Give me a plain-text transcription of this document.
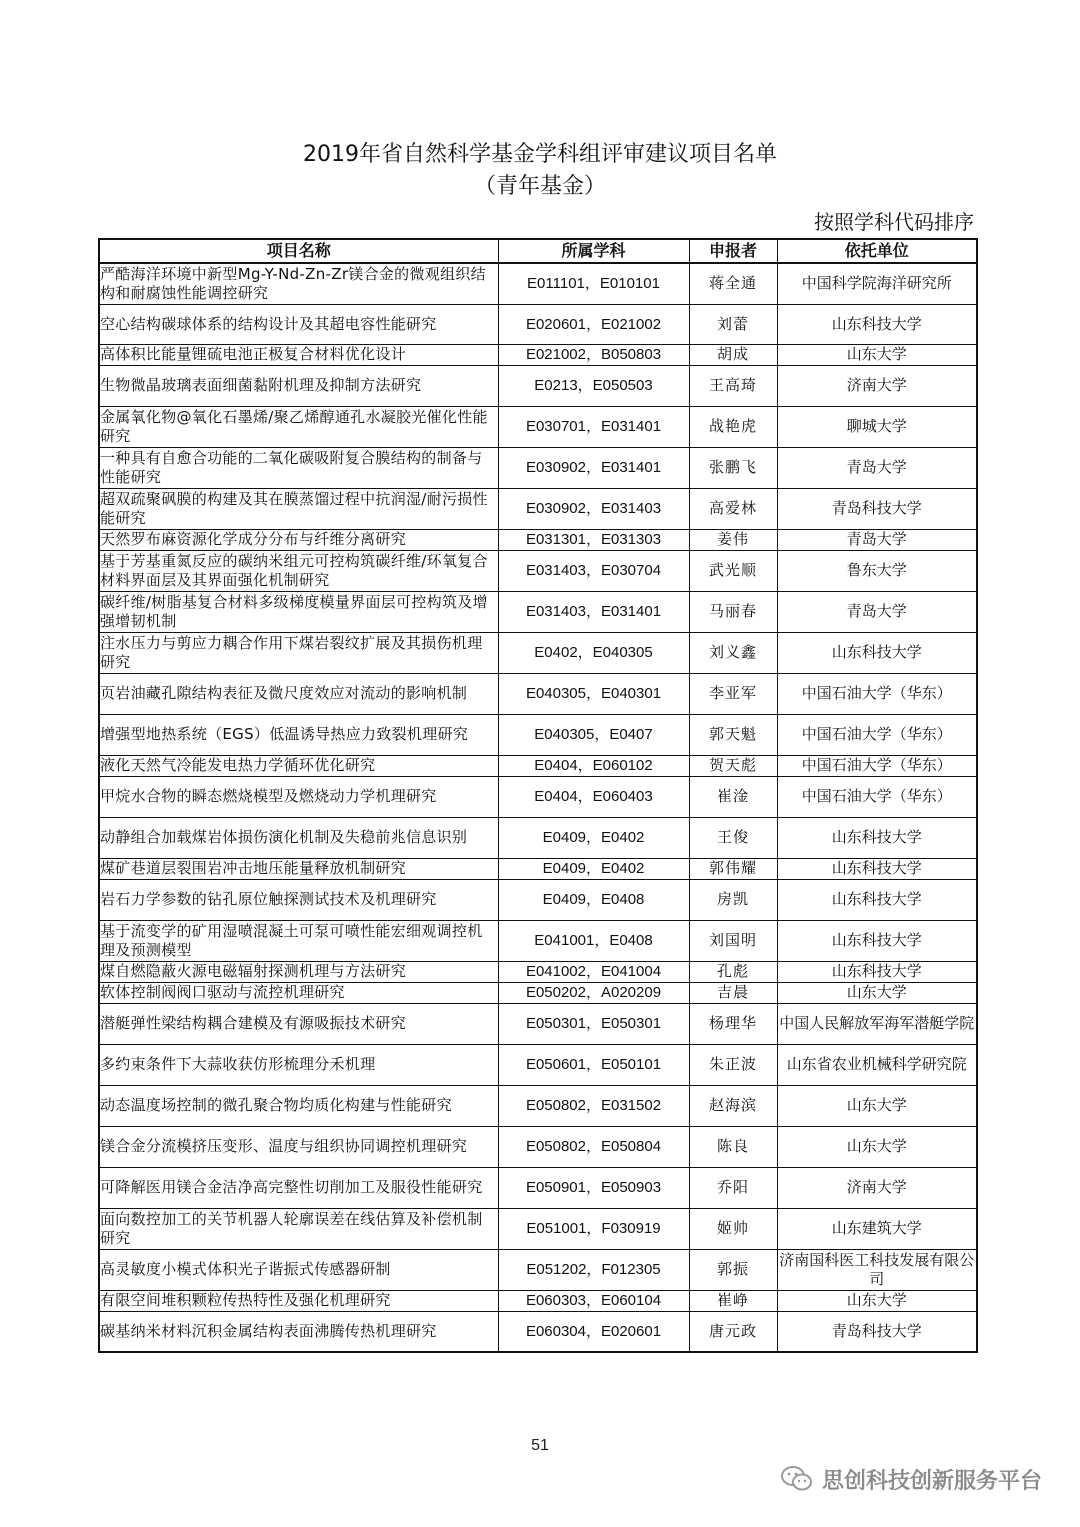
2019年省自然科学基金学科组评审建议项目名单
（青年基金）
按照学科代码排序
项目名称	所属学科	申报者	依托单位

严酷海洋环境中新型Mg-Y-Nd-Zn-Zr镁合金的微观组织结构和耐腐蚀性能调控研究	E011101，E010101	蒋全通	中国科学院海洋研究所

空心结构碳球体系的结构设计及其超电容性能研究	E020601，E021002	刘蕾	山东科技大学

高体积比能量锂硫电池正极复合材料优化设计	E021002，B050803	胡成	山东大学

生物微晶玻璃表面细菌黏附机理及抑制方法研究	E0213，E050503	王高琦	济南大学

金属氧化物@氧化石墨烯/聚乙烯醇通孔水凝胶光催化性能研究	E030701，E031401	战艳虎	聊城大学

一种具有自愈合功能的二氧化碳吸附复合膜结构的制备与性能研究	E030902，E031401	张鹏飞	青岛大学

超双疏聚砜膜的构建及其在膜蒸馏过程中抗润湿/耐污损性能研究	E030902，E031403	高爱林	青岛科技大学

天然罗布麻资源化学成分分布与纤维分离研究	E031301，E031303	姜伟	青岛大学

基于芳基重氮反应的碳纳米组元可控构筑碳纤维/环氧复合材料界面层及其界面强化机制研究	E031403，E030704	武光顺	鲁东大学

碳纤维/树脂基复合材料多级梯度模量界面层可控构筑及增强增韧机制	E031403，E031401	马丽春	青岛大学

注水压力与剪应力耦合作用下煤岩裂纹扩展及其损伤机理研究	E0402，E040305	刘义鑫	山东科技大学

页岩油藏孔隙结构表征及微尺度效应对流动的影响机制	E040305，E040301	李亚军	中国石油大学（华东）

增强型地热系统（EGS）低温诱导热应力致裂机理研究	E040305，E0407	郭天魁	中国石油大学（华东）

液化天然气冷能发电热力学循环优化研究	E0404，E060102	贺天彪	中国石油大学（华东）

甲烷水合物的瞬态燃烧模型及燃烧动力学机理研究	E0404，E060403	崔淦	中国石油大学（华东）

动静组合加载煤岩体损伤演化机制及失稳前兆信息识别	E0409，E0402	王俊	山东科技大学

煤矿巷道层裂围岩冲击地压能量释放机制研究	E0409，E0402	郭伟耀	山东科技大学

岩石力学参数的钻孔原位触探测试技术及机理研究	E0409，E0408	房凯	山东科技大学

基于流变学的矿用湿喷混凝土可泵可喷性能宏细观调控机理及预测模型	E041001，E0408	刘国明	山东科技大学

煤自燃隐蔽火源电磁辐射探测机理与方法研究	E041002，E041004	孔彪	山东科技大学

软体控制阀阀口驱动与流控机理研究	E050202，A020209	吉晨	山东大学

潜艇弹性梁结构耦合建模及有源吸振技术研究	E050301，E050301	杨理华	中国人民解放军海军潜艇学院

多约束条件下大蒜收获仿形梳理分禾机理	E050601，E050101	朱正波	山东省农业机械科学研究院

动态温度场控制的微孔聚合物均质化构建与性能研究	E050802，E031502	赵海滨	山东大学

镁合金分流模挤压变形、温度与组织协同调控机理研究	E050802，E050804	陈良	山东大学

可降解医用镁合金洁净高完整性切削加工及服役性能研究	E050901，E050903	乔阳	济南大学

面向数控加工的关节机器人轮廓误差在线估算及补偿机制研究	E051001，F030919	姬帅	山东建筑大学

高灵敏度小模式体积光子谐振式传感器研制	E051202，F012305	郭振	济南国科医工科技发展有限公司

有限空间堆积颗粒传热特性及强化机理研究	E060303，E060104	崔峥	山东大学

碳基纳米材料沉积金属结构表面沸腾传热机理研究	E060304，E020601	唐元政	青岛科技大学
51
思创科技创新服务平台
